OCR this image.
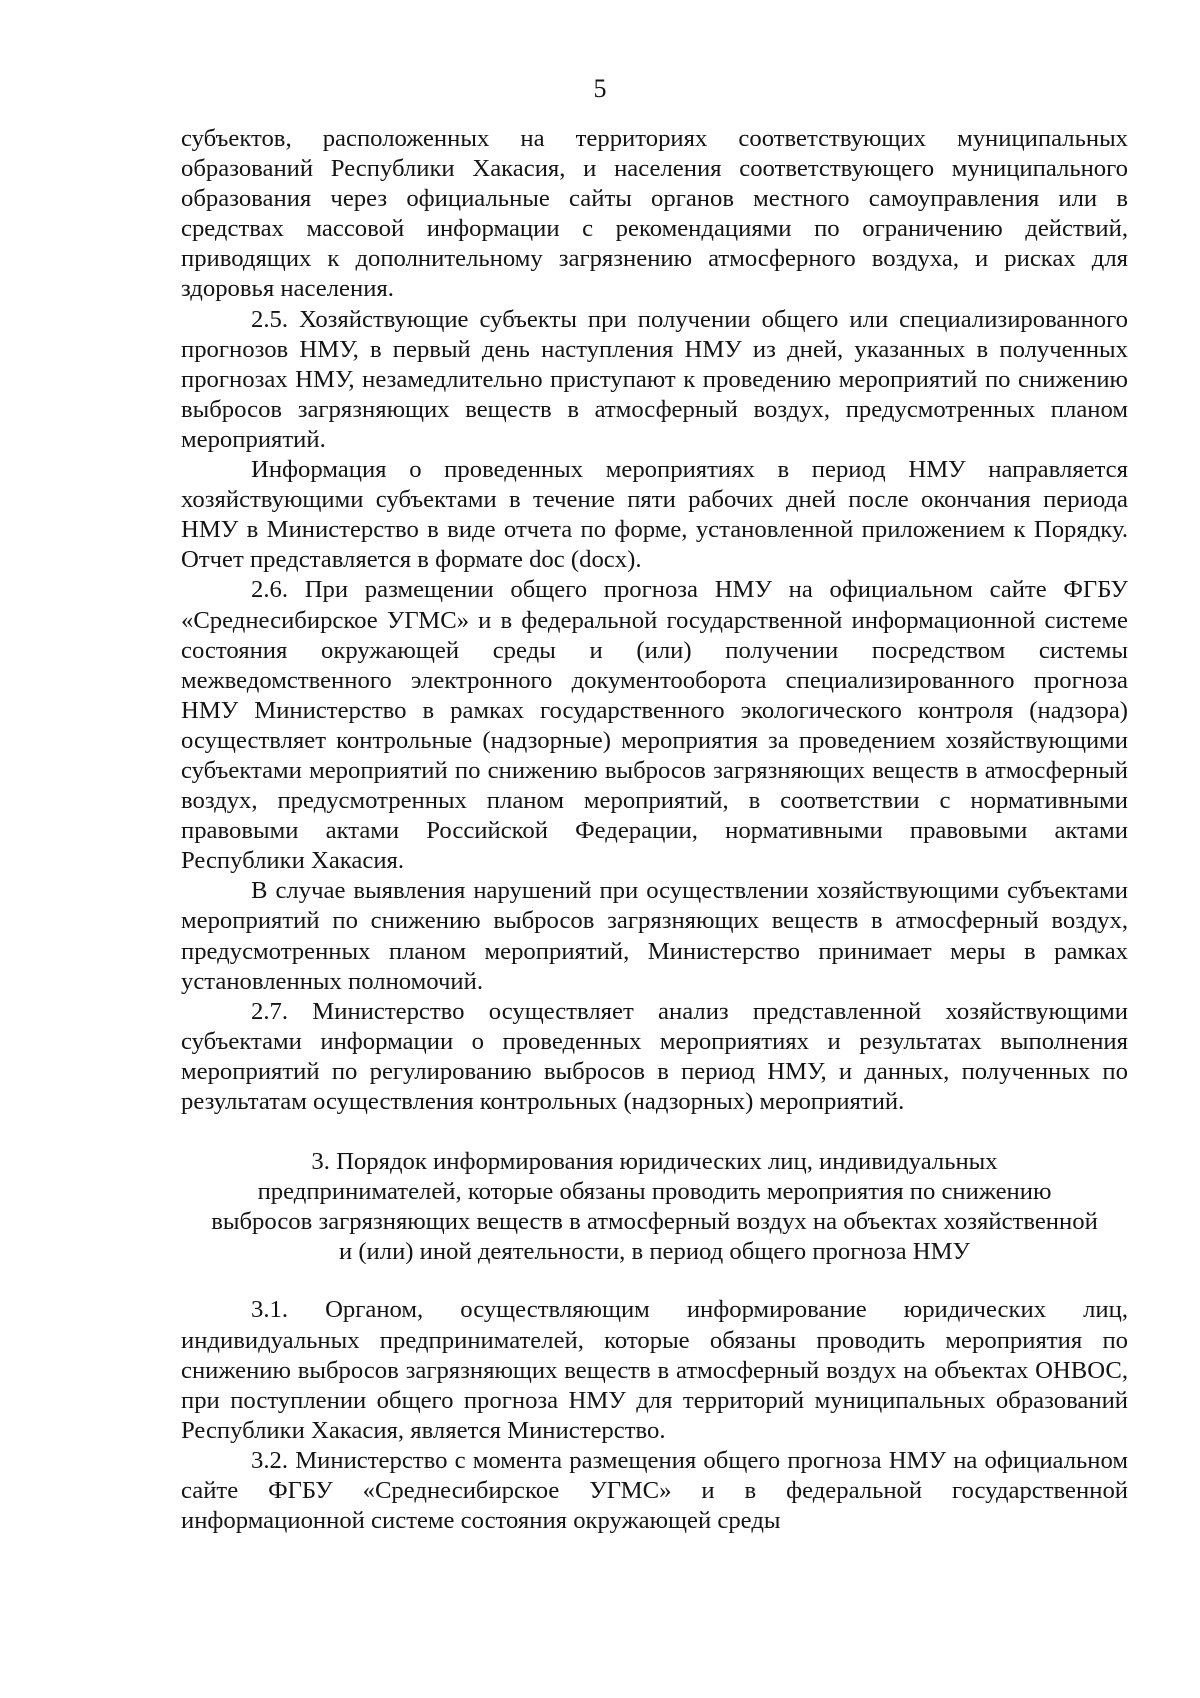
5

субъектов, расположенных на территориях соответствующих муниципальных образований Республики Хакасия, и населения соответствующего муниципального образования через официальные сайты органов местного самоуправления или в средствах массовой информации с рекомендациями по ограничению действий, приводящих к дополнительному загрязнению атмосферного воздуха, и рисках для здоровья населения.

2.5. Хозяйствующие субъекты при получении общего или специализированного прогнозов НМУ, в первый день наступления НМУ из дней, указанных в полученных прогнозах НМУ, незамедлительно приступают к проведению мероприятий по снижению выбросов загрязняющих веществ в атмосферный воздух, предусмотренных планом мероприятий.

Информация о проведенных мероприятиях в период НМУ направляется хозяйствующими субъектами в течение пяти рабочих дней после окончания периода НМУ в Министерство в виде отчета по форме, установленной приложением к Порядку. Отчет представляется в формате doc (docx).

2.6. При размещении общего прогноза НМУ на официальном сайте ФГБУ «Среднесибирское УГМС» и в федеральной государственной информационной системе состояния окружающей среды и (или) получении посредством системы межведомственного электронного документооборота специализированного прогноза НМУ Министерство в рамках государственного экологического контроля (надзора) осуществляет контрольные (надзорные) мероприятия за проведением хозяйствующими субъектами мероприятий по снижению выбросов загрязняющих веществ в атмосферный воздух, предусмотренных планом мероприятий, в соответствии с нормативными правовыми актами Российской Федерации, нормативными правовыми актами Республики Хакасия.

В случае выявления нарушений при осуществлении хозяйствующими субъектами мероприятий по снижению выбросов загрязняющих веществ в атмосферный воздух, предусмотренных планом мероприятий, Министерство принимает меры в рамках установленных полномочий.

2.7. Министерство осуществляет анализ представленной хозяйствующими субъектами информации о проведенных мероприятиях и результатах выполнения мероприятий по регулированию выбросов в период НМУ, и данных, полученных по результатам осуществления контрольных (надзорных) мероприятий.

3. Порядок информирования юридических лиц, индивидуальных
предпринимателей, которые обязаны проводить мероприятия по снижению
выбросов загрязняющих веществ в атмосферный воздух на объектах хозяйственной
и (или) иной деятельности, в период общего прогноза НМУ

3.1. Органом, осуществляющим информирование юридических лиц, индивидуальных предпринимателей, которые обязаны проводить мероприятия по снижению выбросов загрязняющих веществ в атмосферный воздух на объектах ОНВОС, при поступлении общего прогноза НМУ для территорий муниципальных образований Республики Хакасия, является Министерство.

3.2. Министерство с момента размещения общего прогноза НМУ на официальном сайте ФГБУ «Среднесибирское УГМС» и в федеральной государственной информационной системе состояния окружающей среды
